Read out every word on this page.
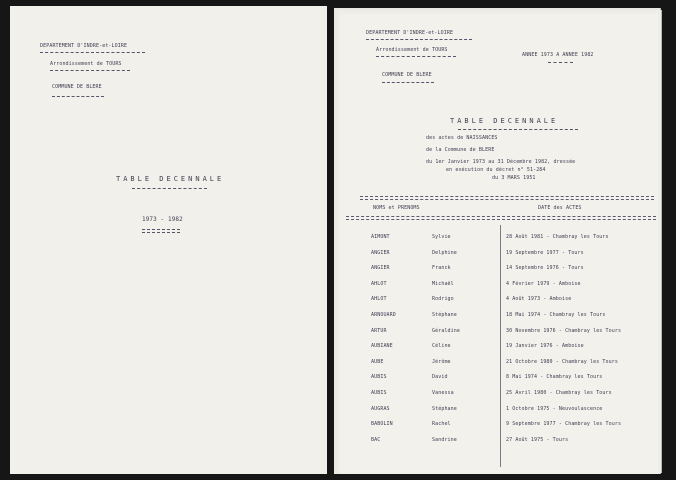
DEPARTEMENT D'INDRE-et-LOIRE
Arrondissement de TOURS
COMMUNE DE BLERE
TABLE DECENNALE
1973 - 1982
DEPARTEMENT D'INDRE-et-LOIRE
Arrondissement de TOURS
ANNEE 1973 A ANNEE 1982
COMMUNE DE BLERE
TABLE DECENNALE
des actes de NAISSANCES
de la Commune de BLERE
du 1er Janvier 1973 au 31 Décembre 1982, dressée
en exécution du décret n° 51-284
du 3 MARS 1951
NOMS et PRENOMS	DATE des ACTES
AIMONT	Sylvie	28 Août 1981 - Chambray les Tours
ANGIER	Delphine	19 Septembre 1977 - Tours
ANGIER	Franck	14 Septembre 1976 - Tours
AHLOT	Michaël	4 Février 1979 - Amboise
AHLOT	Rodrigo	4 Août 1973 - Amboise
ARNOUARD	Stéphane	18 Mai 1974 - Chambray les Tours
ARTUR	Géraldine	30 Novembre 1976 - Chambray les Tours
AUBIANE	Céline	19 Janvier 1976 - Amboise
AUBE	Jérôme	21 Octobre 1980 - Chambray les Tours
AUBIS	David	8 Mai 1974 - Chambray les Tours
AUBIS	Vanessa	25 Avril 1980 - Chambray les Tours
AUGRAS	Stéphane	1 Octobre 1975 - Neuvoulascence
BABOLIN	Rachel	9 Septembre 1977 - Chambray les Tours
BAC	Sandrine	27 Août 1975 - Tours
